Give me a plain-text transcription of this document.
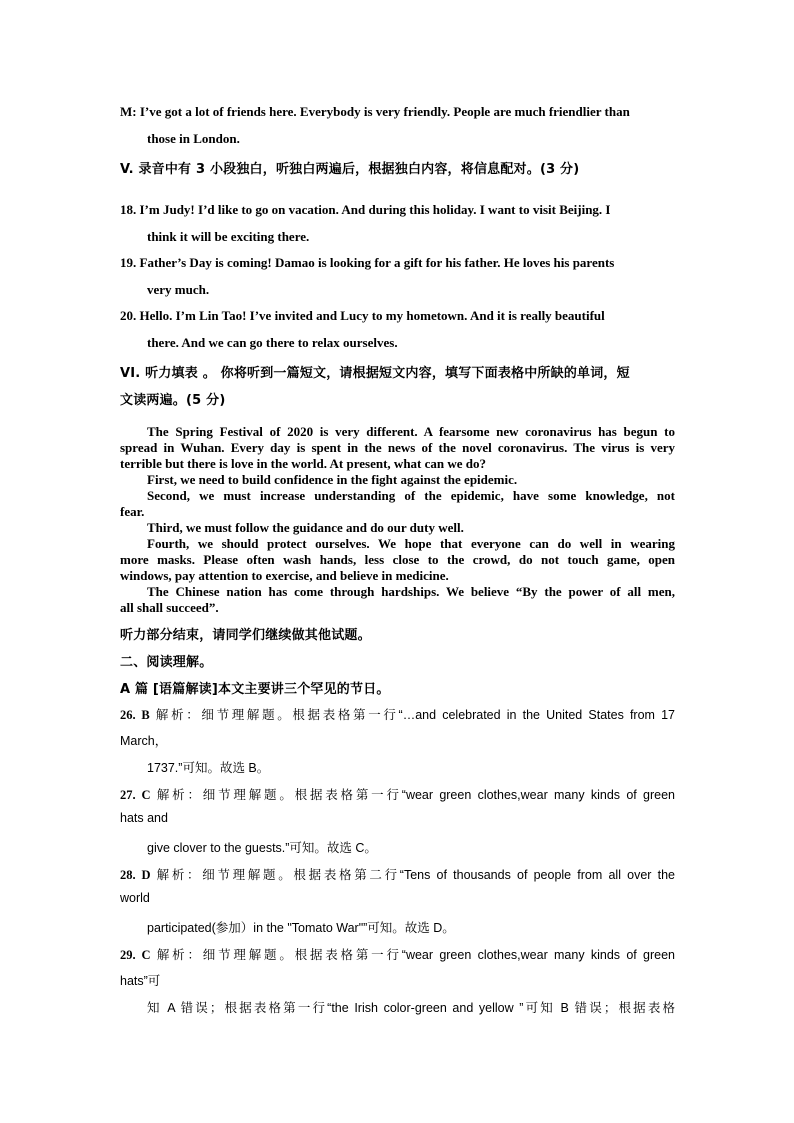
M: I’ve got a lot of friends here. Everybody is very friendly. People are much friendlier than
those in London.
V. 录音中有 3 小段独白，听独白两遍后，根据独白内容，将信息配对。(3 分)
18. I’m Judy! I’d like to go on vacation. And during this holiday. I want to visit Beijing. I
think it will be exciting there.
19. Father’s Day is coming! Damao is looking for a gift for his father. He loves his parents
very much.
20. Hello. I’m Lin Tao! I’ve invited and Lucy to my hometown. And it is really beautiful
there. And we can go there to relax ourselves.
VI. 听力填表 。 你将听到一篇短文，请根据短文内容，填写下面表格中所缺的单词，短
文读两遍。(5 分)
The Spring Festival of 2020 is very different. A fearsome new coronavirus has begun to
spread in Wuhan. Every day is spent in the news of the novel coronavirus. The virus is very
terrible but there is love in the world. At present, what can we do?
First, we need to build confidence in the fight against the epidemic.
Second, we must increase understanding of the epidemic, have some knowledge, not
fear.
Third, we must follow the guidance and do our duty well.
Fourth, we should protect ourselves. We hope that everyone can do well in wearing
more masks. Please often wash hands, less close to the crowd, do not touch game, open
windows, pay attention to exercise, and believe in medicine.
The Chinese nation has come through hardships. We believe “By the power of all men,
all shall succeed”.
听力部分结束，请同学们继续做其他试题。
二、阅读理解。
A 篇 [语篇解读]本文主要讲三个罕见的节日。
26. B 解析：细节理解题。根据表格第一行“…and celebrated in the United States from 17
March，
1737.”可知。故选 B。
27. C 解析：细节理解题。根据表格第一行“wear green clothes,wear many kinds of green
hats and
give clover to the guests.”可知。故选 C。
28. D 解析：细节理解题。根据表格第二行“Tens of thousands of people from all over the
world
participated(参加）in the "Tomato War"”可知。故选 D。
29. C 解析：细节理解题。根据表格第一行“wear green clothes,wear many kinds of green
hats”可
知 A 错误；根据表格第一行“the Irish color-green and yellow ”可知 B 错误；根据表格
